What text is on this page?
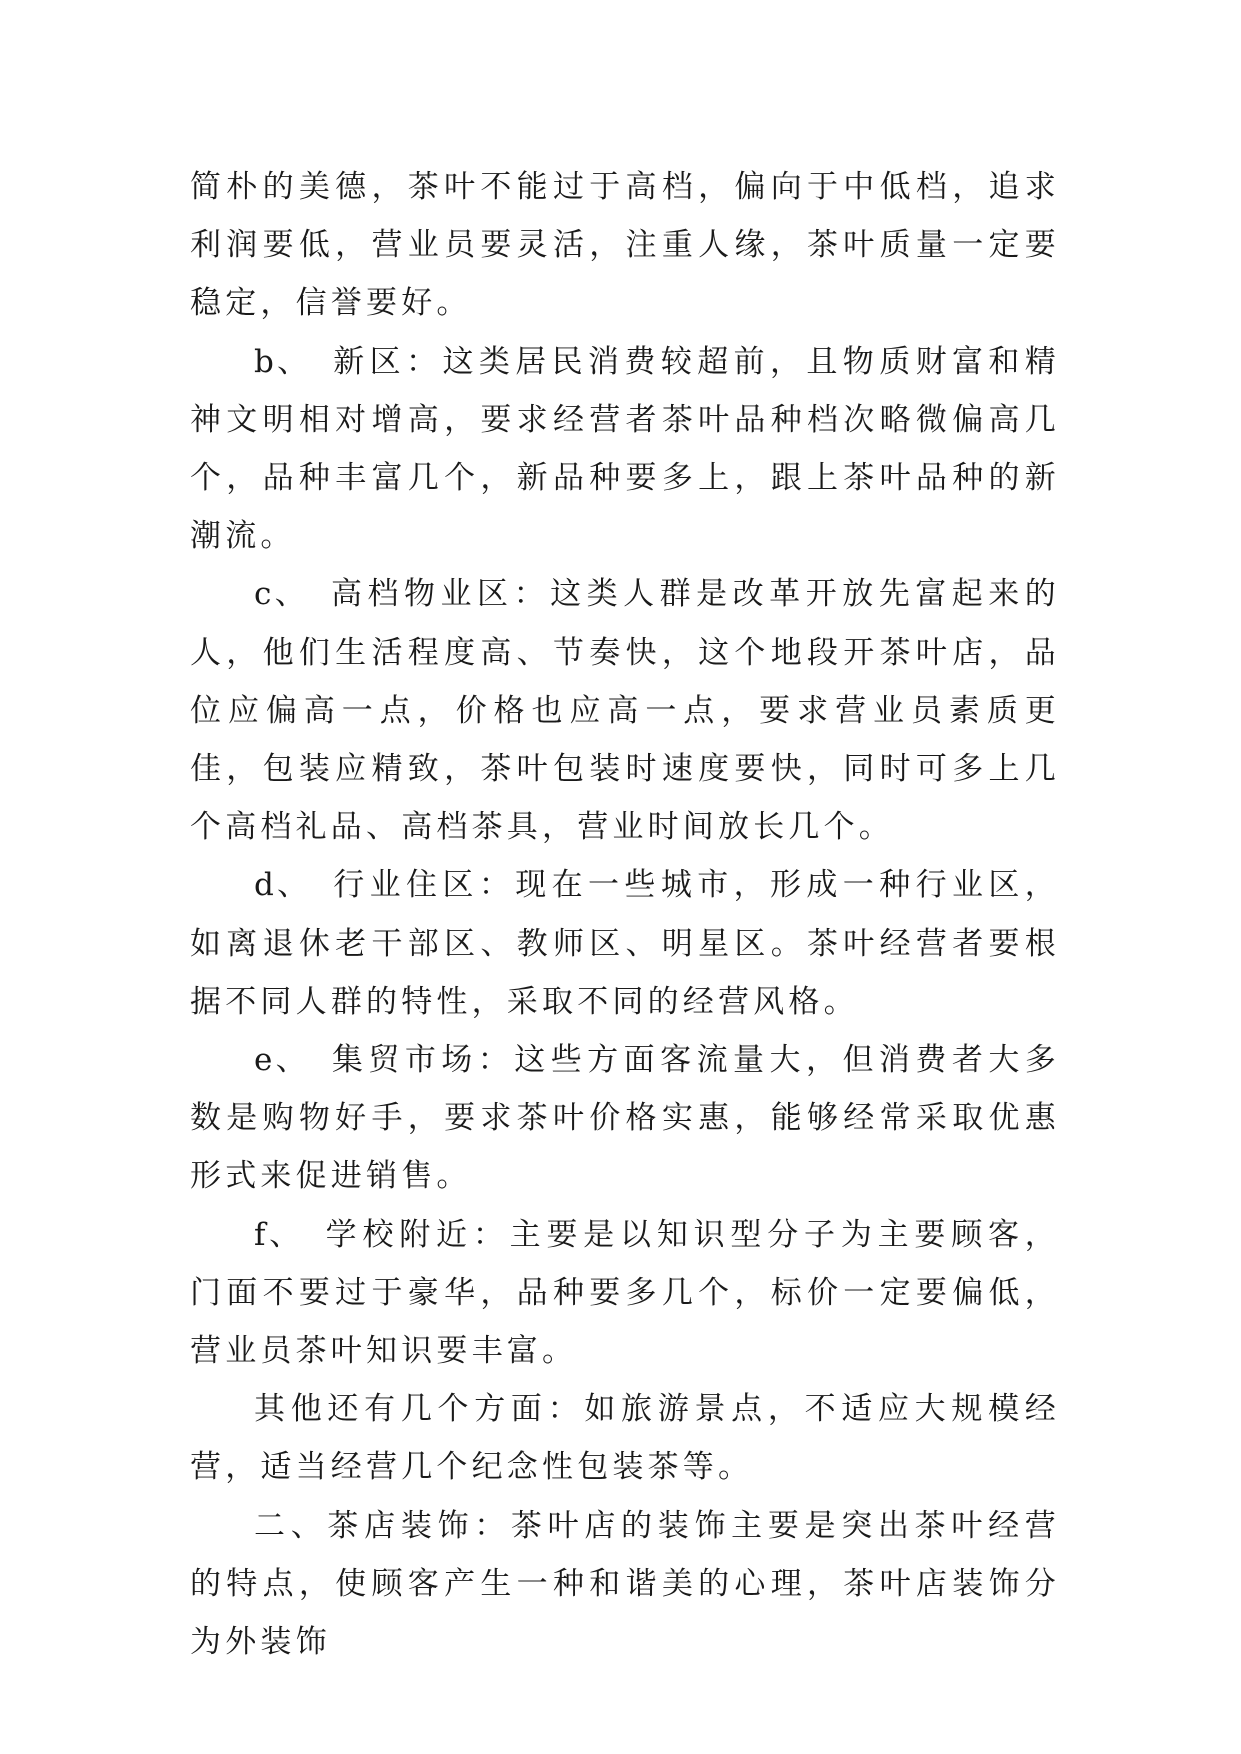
简朴的美德，茶叶不能过于高档，偏向于中低档，追求利润要低，营业员要灵活，注重人缘，茶叶质量一定要稳定，信誉要好。

b、 新区：这类居民消费较超前，且物质财富和精神文明相对增高，要求经营者茶叶品种档次略微偏高几个，品种丰富几个，新品种要多上，跟上茶叶品种的新潮流。

c、 高档物业区：这类人群是改革开放先富起来的人，他们生活程度高、节奏快，这个地段开茶叶店，品位应偏高一点，价格也应高一点，要求营业员素质更佳，包装应精致，茶叶包装时速度要快，同时可多上几个高档礼品、高档茶具，营业时间放长几个。

d、 行业住区：现在一些城市，形成一种行业区，如离退休老干部区、教师区、明星区。茶叶经营者要根据不同人群的特性，采取不同的经营风格。

e、 集贸市场：这些方面客流量大，但消费者大多数是购物好手，要求茶叶价格实惠，能够经常采取优惠形式来促进销售。

f、 学校附近：主要是以知识型分子为主要顾客，门面不要过于豪华，品种要多几个，标价一定要偏低，营业员茶叶知识要丰富。

其他还有几个方面：如旅游景点，不适应大规模经营，适当经营几个纪念性包装茶等。

二、茶店装饰：茶叶店的装饰主要是突出茶叶经营的特点，使顾客产生一种和谐美的心理，茶叶店装饰分为外装饰
